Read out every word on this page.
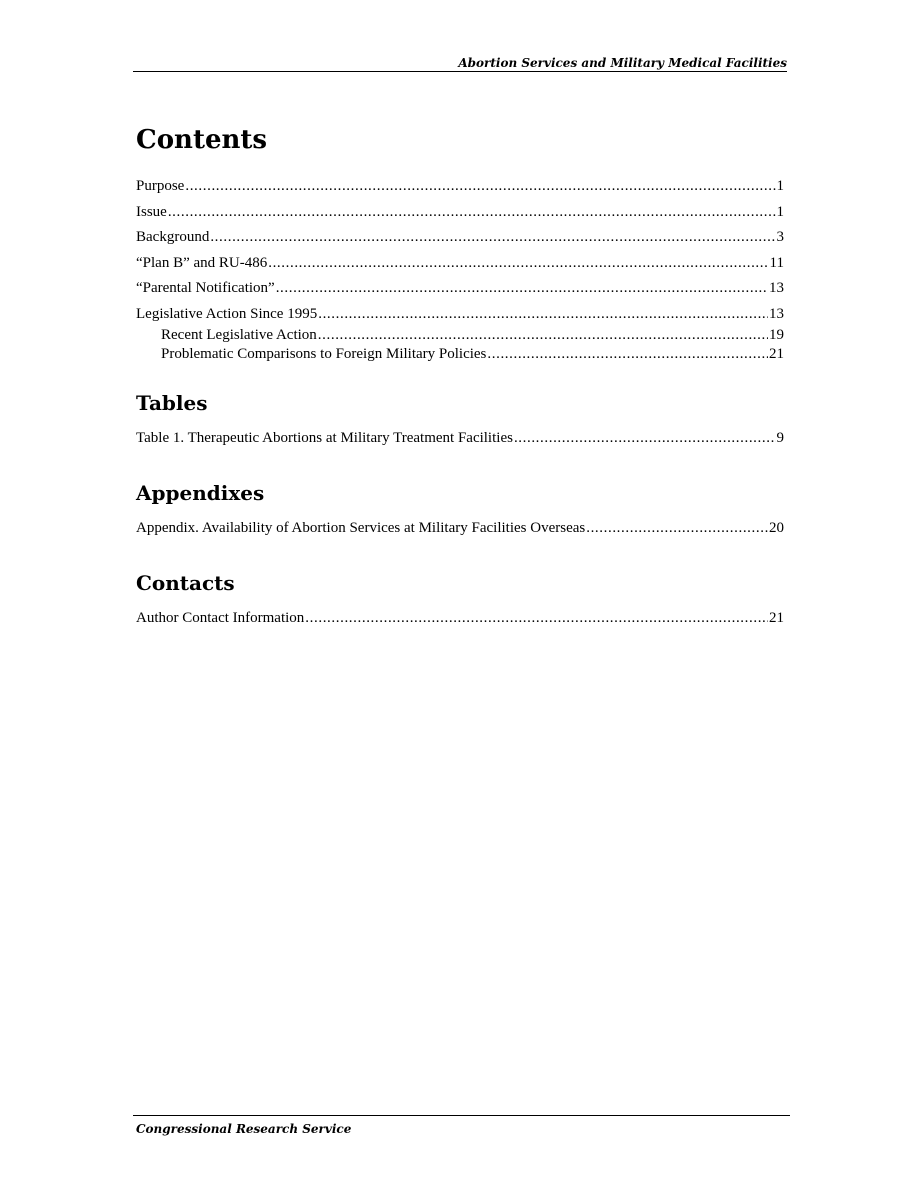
Abortion Services and Military Medical Facilities
Contents
Purpose .....	1
Issue .....	1
Background .....	3
“Plan B” and RU-486 .....	11
“Parental Notification” .....	13
Legislative Action Since 1995 .....	13
Recent Legislative Action .....	19
Problematic Comparisons to Foreign Military Policies .....	21
Tables
Table 1. Therapeutic Abortions at Military Treatment Facilities .....	9
Appendixes
Appendix. Availability of Abortion Services at Military Facilities Overseas .....	20
Contacts
Author Contact Information .....	21
Congressional Research Service
